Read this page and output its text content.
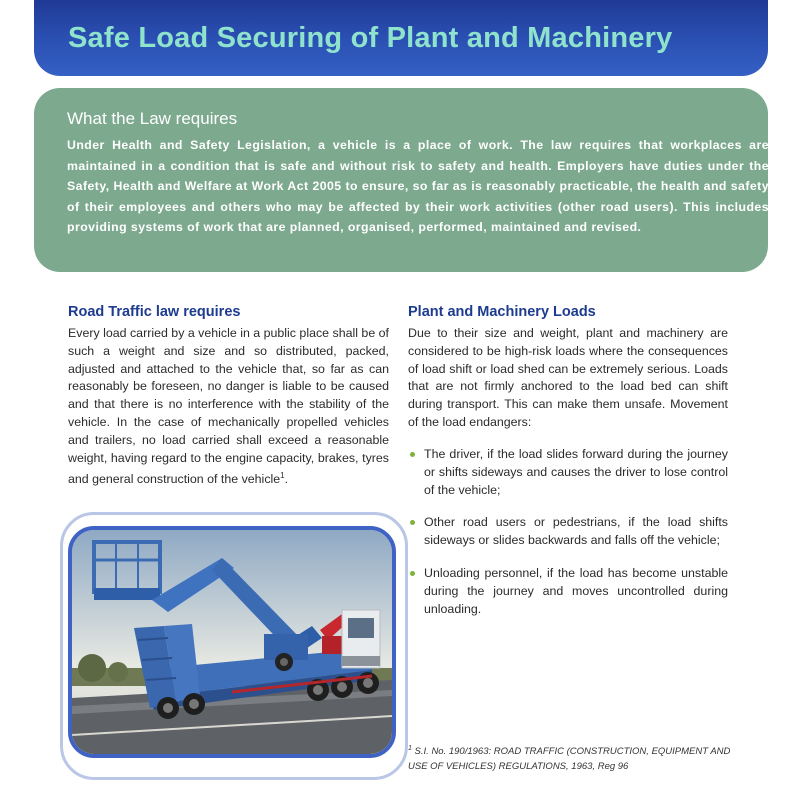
Safe Load Securing of Plant and Machinery
What the Law requires
Under Health and Safety Legislation, a vehicle is a place of work. The law requires that workplaces are maintained in a condition that is safe and without risk to safety and health. Employers have duties under the Safety, Health and Welfare at Work Act 2005 to ensure, so far as is reasonably practicable, the health and safety of their employees and others who may be affected by their work activities (other road users). This includes providing systems of work that are planned, organised, performed, maintained and revised.
Road Traffic law requires
Every load carried by a vehicle in a public place shall be of such a weight and size and so distributed, packed, adjusted and attached to the vehicle that, so far as can reasonably be foreseen, no danger is liable to be caused and that there is no interference with the stability of the vehicle. In the case of mechanically propelled vehicles and trailers, no load carried shall exceed a reasonable weight, having regard to the engine capacity, brakes, tyres and general construction of the vehicle$^1$.
Plant and Machinery Loads
Due to their size and weight, plant and machinery are considered to be high-risk loads where the consequences of load shift or load shed can be extremely serious. Loads that are not firmly anchored to the load bed can shift during transport. This can make them unsafe. Movement of the load endangers:
The driver, if the load slides forward during the journey or shifts sideways and causes the driver to lose control of the vehicle;
Other road users or pedestrians, if the load shifts sideways or slides backwards and falls off the vehicle;
Unloading personnel, if the load has become unstable during the journey and moves uncontrolled during unloading.
$^1$ S.I. No. 190/1963: ROAD TRAFFIC (CONSTRUCTION, EQUIPMENT AND USE OF VEHICLES) REGULATIONS, 1963, Reg 96
